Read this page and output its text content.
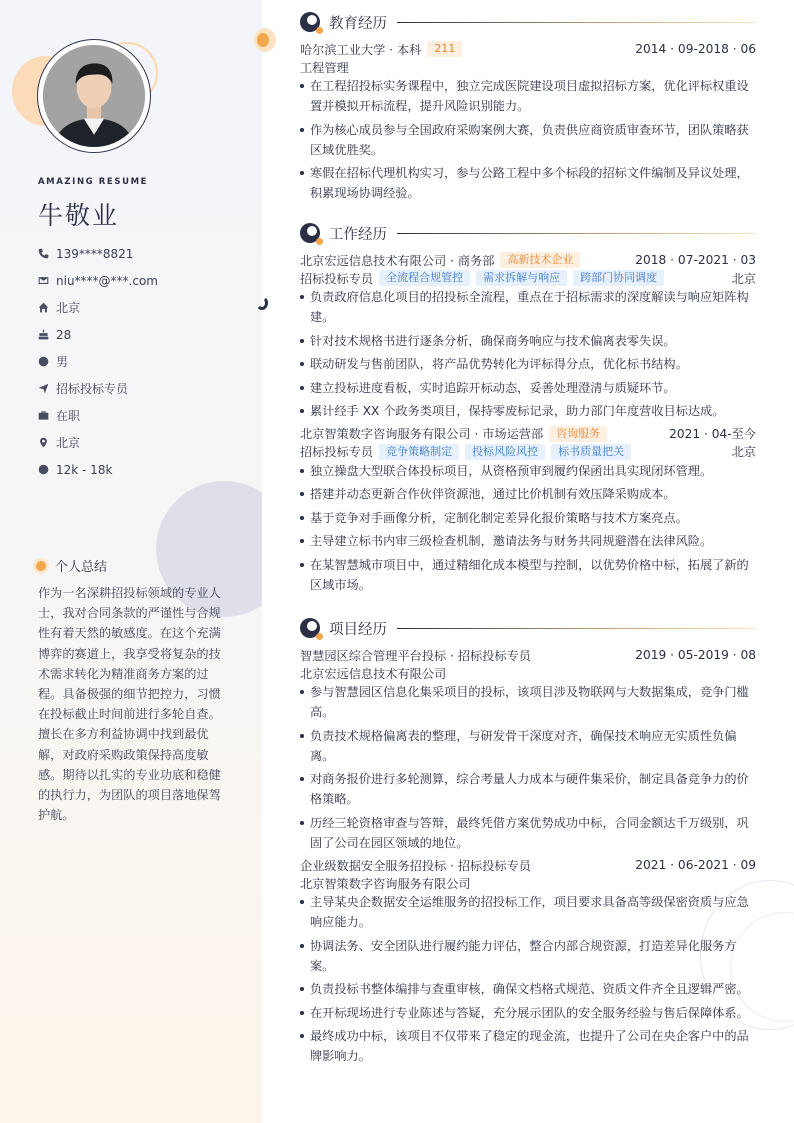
AMAZING RESUME
牛敬业
139****8821
niu****@***.com
北京
28
男
招标投标专员
在职
北京
12k - 18k
个人总结
作为一名深耕招投标领域的专业人士，我对合同条款的严谨性与合规性有着天然的敏感度。在这个充满博弈的赛道上，我享受将复杂的技术需求转化为精准商务方案的过程。具备极强的细节把控力，习惯在投标截止时间前进行多轮自查。擅长在多方利益协调中找到最优解，对政府采购政策保持高度敏感。期待以扎实的专业功底和稳健的执行力，为团队的项目落地保驾护航。
教育经历
哈尔滨工业大学 · 本科	211	2014 · 09-2018 · 06
工程管理
在工程招投标实务课程中，独立完成医院建设项目虚拟招标方案，优化评标权重设置并模拟开标流程，提升风险识别能力。
作为核心成员参与全国政府采购案例大赛，负责供应商资质审查环节，团队策略获区域优胜奖。
寒假在招标代理机构实习，参与公路工程中多个标段的招标文件编制及异议处理，积累现场协调经验。
工作经历
北京宏远信息技术有限公司 · 商务部	高新技术企业	2018 · 07-2021 · 03
招标投标专员	全流程合规管控	需求拆解与响应	跨部门协同调度	北京
负责政府信息化项目的招投标全流程，重点在于招标需求的深度解读与响应矩阵构建。
针对技术规格书进行逐条分析，确保商务响应与技术偏离表零失误。
联动研发与售前团队，将产品优势转化为评标得分点，优化标书结构。
建立投标进度看板，实时追踪开标动态，妥善处理澄清与质疑环节。
累计经手 XX 个政务类项目，保持零废标记录，助力部门年度营收目标达成。
北京智策数字咨询服务有限公司 · 市场运营部	咨询服务	2021 · 04-至今
招标投标专员	竞争策略制定	投标风险风控	标书质量把关	北京
独立操盘大型联合体投标项目，从资格预审到履约保函出具实现闭环管理。
搭建并动态更新合作伙伴资源池，通过比价机制有效压降采购成本。
基于竞争对手画像分析，定制化制定差异化报价策略与技术方案亮点。
主导建立标书内审三级检查机制，邀请法务与财务共同规避潜在法律风险。
在某智慧城市项目中，通过精细化成本模型与控制，以优势价格中标，拓展了新的区域市场。
项目经历
智慧园区综合管理平台投标 · 招标投标专员	2019 · 05-2019 · 08
北京宏远信息技术有限公司
参与智慧园区信息化集采项目的投标，该项目涉及物联网与大数据集成，竞争门槛高。
负责技术规格偏离表的整理，与研发骨干深度对齐，确保技术响应无实质性负偏离。
对商务报价进行多轮测算，综合考量人力成本与硬件集采价，制定具备竞争力的价格策略。
历经三轮资格审查与答辩，最终凭借方案优势成功中标，合同金额达千万级别，巩固了公司在园区领域的地位。
企业级数据安全服务招投标 · 招标投标专员	2021 · 06-2021 · 09
北京智策数字咨询服务有限公司
主导某央企数据安全运维服务的招投标工作，项目要求具备高等级保密资质与应急响应能力。
协调法务、安全团队进行履约能力评估，整合内部合规资源，打造差异化服务方案。
负责投标书整体编排与查重审核，确保文档格式规范、资质文件齐全且逻辑严密。
在开标现场进行专业陈述与答疑，充分展示团队的安全服务经验与售后保障体系。
最终成功中标，该项目不仅带来了稳定的现金流，也提升了公司在央企客户中的品牌影响力。
